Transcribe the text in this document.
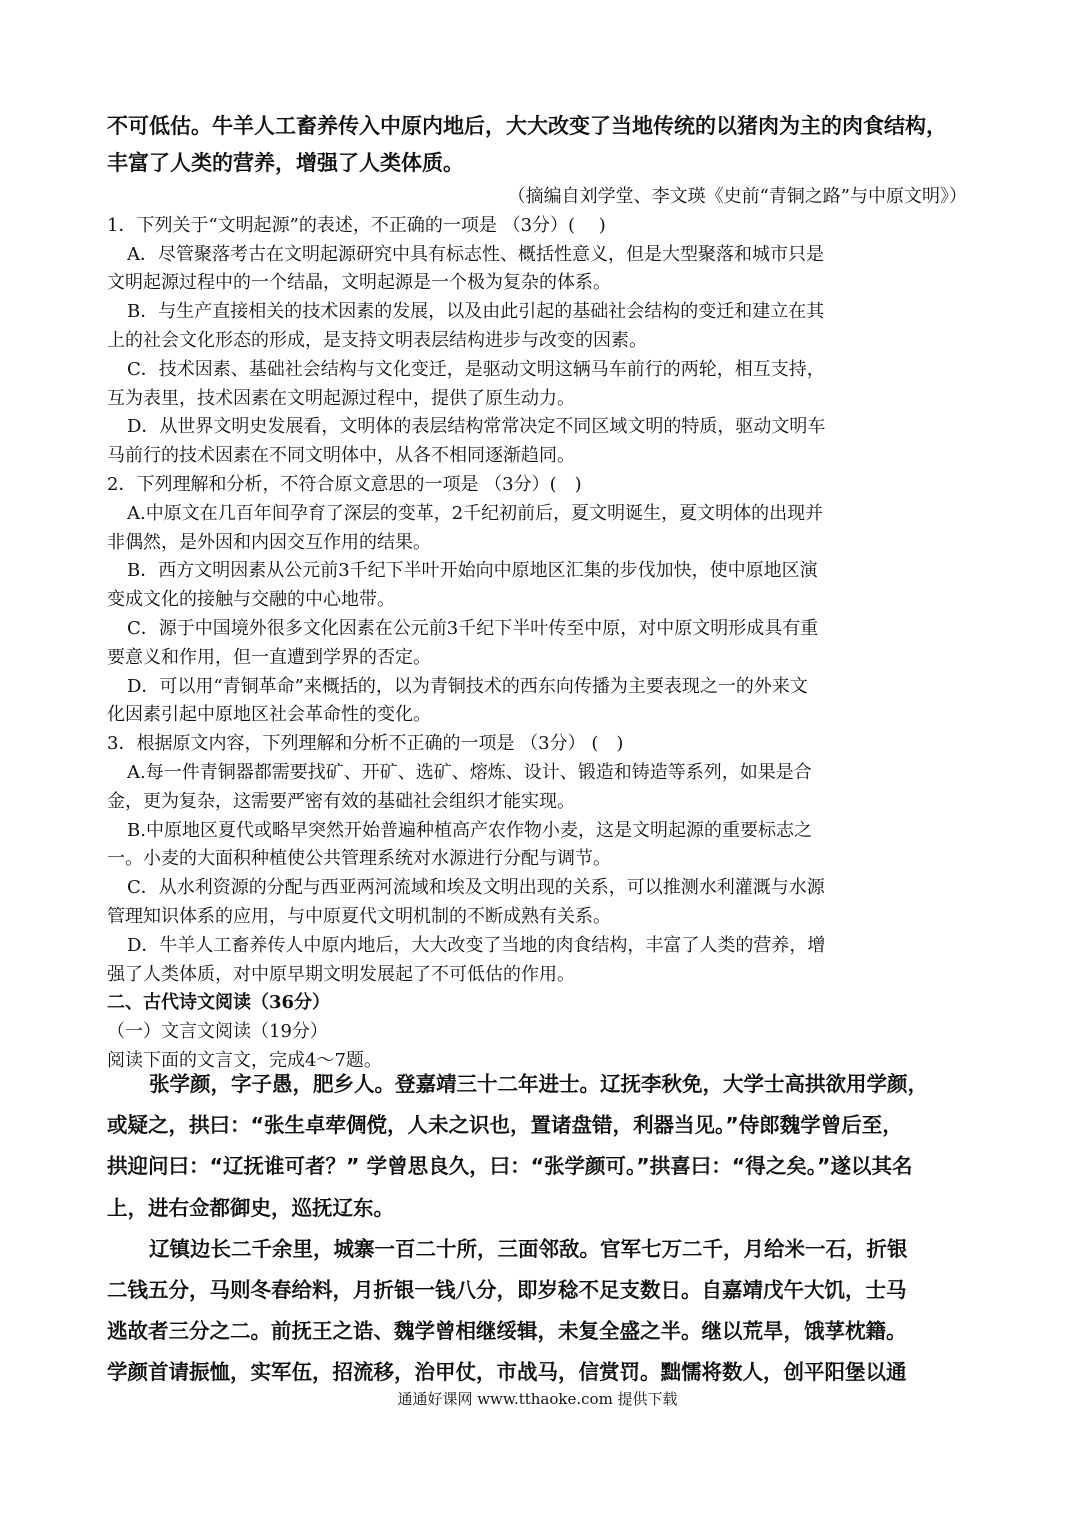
不可低估。牛羊人工畜养传入中原内地后，大大改变了当地传统的以猪肉为主的肉食结构，
丰富了人类的营养，增强了人类体质。
（摘编自刘学堂、李文瑛《史前“青铜之路”与中原文明》）
1．下列关于“文明起源”的表述，不正确的一项是 （3分）(　 )
A．尽管聚落考古在文明起源研究中具有标志性、概括性意义，但是大型聚落和城市只是
文明起源过程中的一个结晶，文明起源是一个极为复杂的体系。
B．与生产直接相关的技术因素的发展，以及由此引起的基础社会结构的变迁和建立在其
上的社会文化形态的形成，是支持文明表层结构进步与改变的因素。
C．技术因素、基础社会结构与文化变迁，是驱动文明这辆马车前行的两轮，相互支持，
互为表里，技术因素在文明起源过程中，提供了原生动力。
D．从世界文明史发展看，文明体的表层结构常常决定不同区域文明的特质，驱动文明车
马前行的技术因素在不同文明体中，从各不相同逐渐趋同。
2．下列理解和分析，不符合原文意思的一项是 （3分）(　)
A.中原文在几百年间孕育了深层的变革，2千纪初前后，夏文明诞生，夏文明体的出现并
非偶然，是外因和内因交互作用的结果。
B．西方文明因素从公元前3千纪下半叶开始向中原地区汇集的步伐加快，使中原地区演
变成文化的接触与交融的中心地带。
C．源于中国境外很多文化因素在公元前3千纪下半叶传至中原，对中原文明形成具有重
要意义和作用，但一直遭到学界的否定。
D．可以用“青铜革命”来概括的，以为青铜技术的西东向传播为主要表现之一的外来文
化因素引起中原地区社会革命性的变化。
3．根据原文内容，下列理解和分析不正确的一项是 （3分） (　)
A.每一件青铜器都需要找矿、开矿、选矿、熔炼、设计、锻造和铸造等系列，如果是合
金，更为复杂，这需要严密有效的基础社会组织才能实现。
B.中原地区夏代或略早突然开始普遍种植高产农作物小麦，这是文明起源的重要标志之
一。小麦的大面积种植使公共管理系统对水源进行分配与调节。
C．从水利资源的分配与西亚两河流域和埃及文明出现的关系，可以推测水利灌溉与水源
管理知识体系的应用，与中原夏代文明机制的不断成熟有关系。
D．牛羊人工畜养传人中原内地后，大大改变了当地的肉食结构，丰富了人类的营养，增
强了人类体质，对中原早期文明发展起了不可低估的作用。
二、古代诗文阅读（36分）
（一）文言文阅读（19分）
阅读下面的文言文，完成4～7题。
张学颜，字子愚，肥乡人。登嘉靖三十二年进士。辽抚李秋免，大学士高拱欲用学颜，
或疑之，拱曰：“张生卓荦倜傥，人未之识也，置诸盘错，利器当见。”侍郎魏学曾后至，
拱迎问曰：“辽抚谁可者？” 学曾思良久，曰：“张学颜可。”拱喜曰：“得之矣。”遂以其名
上，进右佥都御史，巡抚辽东。
辽镇边长二千余里，城寨一百二十所，三面邻敌。官军七万二千，月给米一石，折银
二钱五分，马则冬春给料，月折银一钱八分，即岁稔不足支数日。自嘉靖戊午大饥，士马
逃故者三分之二。前抚王之诰、魏学曾相继绥辑，未复全盛之半。继以荒旱，饿莩枕籍。
学颜首请振恤，实军伍，招流移，治甲仗，市战马，信赏罚。黜懦将数人，创平阳堡以通
通通好课网 www.tthaoke.com 提供下载
